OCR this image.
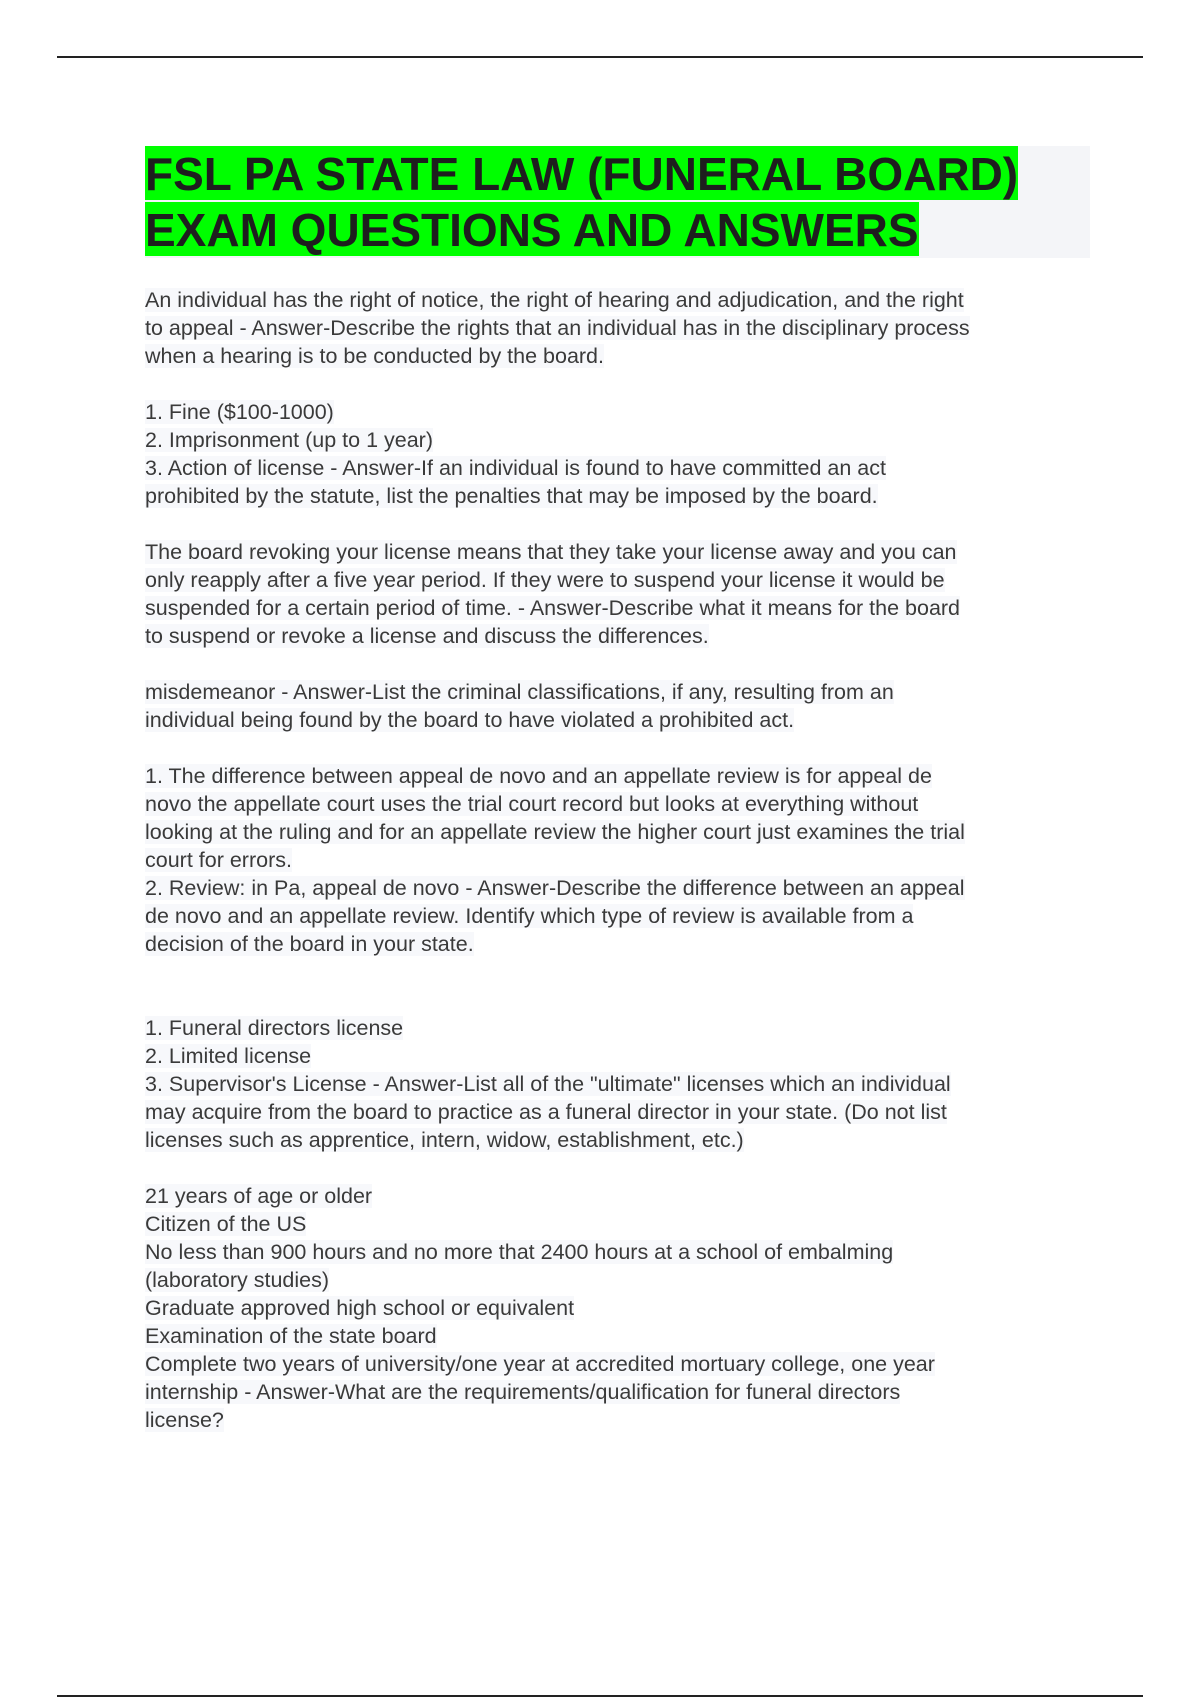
FSL PA STATE LAW (FUNERAL BOARD)
EXAM QUESTIONS AND ANSWERS
An individual has the right of notice, the right of hearing and adjudication, and the right
to appeal - Answer-Describe the rights that an individual has in the disciplinary process
when a hearing is to be conducted by the board.
1. Fine ($100-1000)
2. Imprisonment (up to 1 year)
3. Action of license - Answer-If an individual is found to have committed an act
prohibited by the statute, list the penalties that may be imposed by the board.
The board revoking your license means that they take your license away and you can
only reapply after a five year period. If they were to suspend your license it would be
suspended for a certain period of time. - Answer-Describe what it means for the board
to suspend or revoke a license and discuss the differences.
misdemeanor - Answer-List the criminal classifications, if any, resulting from an
individual being found by the board to have violated a prohibited act.
1. The difference between appeal de novo and an appellate review is for appeal de
novo the appellate court uses the trial court record but looks at everything without
looking at the ruling and for an appellate review the higher court just examines the trial
court for errors.
2. Review: in Pa, appeal de novo - Answer-Describe the difference between an appeal
de novo and an appellate review. Identify which type of review is available from a
decision of the board in your state.
1. Funeral directors license
2. Limited license
3. Supervisor's License - Answer-List all of the "ultimate" licenses which an individual
may acquire from the board to practice as a funeral director in your state. (Do not list
licenses such as apprentice, intern, widow, establishment, etc.)
21 years of age or older
Citizen of the US
No less than 900 hours and no more that 2400 hours at a school of embalming
(laboratory studies)
Graduate approved high school or equivalent
Examination of the state board
Complete two years of university/one year at accredited mortuary college, one year
internship - Answer-What are the requirements/qualification for funeral directors
license?
